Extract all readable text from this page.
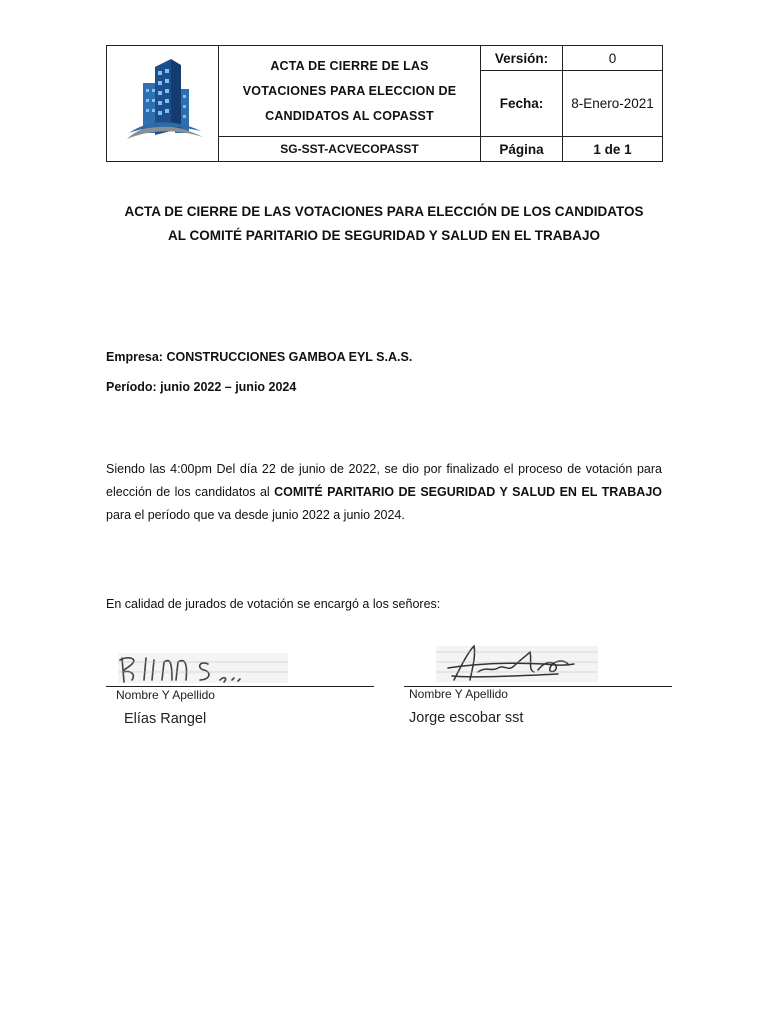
ACTA DE CIERRE DE LAS
VOTACIONES PARA ELECCION DE
CANDIDATOS AL COPASST	Versión:	0
		Fecha:	8-Enero-2021

	SG-SST-ACVECOPASST	Página	1 de 1
ACTA DE CIERRE DE LAS VOTACIONES PARA ELECCIÓN DE LOS CANDIDATOS
AL COMITÉ PARITARIO DE SEGURIDAD Y SALUD EN EL TRABAJO
Empresa: CONSTRUCCIONES GAMBOA EYL S.A.S.
Período: junio 2022 – junio 2024
Siendo las 4:00pm Del día 22 de junio de 2022, se dio por finalizado el proceso de votación para elección de los candidatos al COMITÉ PARITARIO DE SEGURIDAD Y SALUD EN EL TRABAJO para el período que va desde junio 2022 a junio 2024.
En calidad de jurados de votación se encargó a los señores:
Nombre Y Apellido
Elías Rangel
Nombre Y Apellido
Jorge escobar sst
